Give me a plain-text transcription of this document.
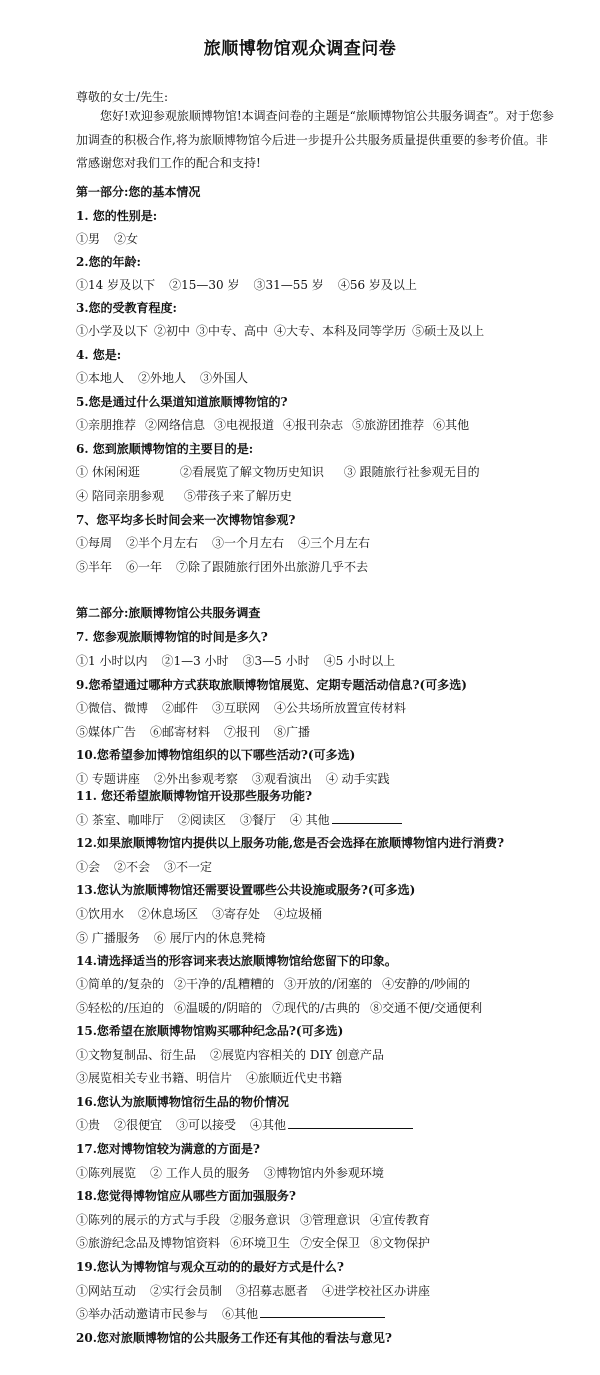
旅顺博物馆观众调查问卷
尊敬的女士/先生:
您好!欢迎参观旅顺博物馆!本调查问卷的主题是“旅顺博物馆公共服务调查”。对于您参加调查的积极合作,将为旅顺博物馆今后进一步提升公共服务质量提供重要的参考价值。非常感谢您对我们工作的配合和支持!
第一部分:您的基本情况
1. 您的性别是:
①男 ②女
2.您的年龄:
①14 岁及以下 ②15—30 岁 ③31—55 岁 ④56 岁及以上
3.您的受教育程度:
①小学及以下 ②初中 ③中专、高中 ④大专、本科及同等学历 ⑤硕士及以上
4. 您是:
①本地人 ②外地人 ③外国人
5.您是通过什么渠道知道旅顺博物馆的?
①亲朋推荐 ②网络信息 ③电视报道 ④报刊杂志 ⑤旅游团推荐 ⑥其他
6. 您到旅顺博物馆的主要目的是:
① 休闲闲逛	②看展览了解文物历史知识 ③ 跟随旅行社参观无目的
④ 陪同亲朋参观 ⑤带孩子来了解历史
7、您平均多长时间会来一次博物馆参观?
①每周 ②半个月左右 ③一个月左右 ④三个月左右
⑤半年 ⑥一年 ⑦除了跟随旅行团外出旅游几乎不去
第二部分:旅顺博物馆公共服务调查
7. 您参观旅顺博物馆的时间是多久?
①1 小时以内 ②1—3 小时 ③3—5 小时 ④5 小时以上
9.您希望通过哪种方式获取旅顺博物馆展览、定期专题活动信息?(可多选)
①微信、微博 ②邮件 ③互联网 ④公共场所放置宣传材料
⑤媒体广告 ⑥邮寄材料 ⑦报刊 ⑧广播
10.您希望参加博物馆组织的以下哪些活动?(可多选)
① 专题讲座 ②外出参观考察 ③观看演出 ④ 动手实践
11. 您还希望旅顺博物馆开设那些服务功能?
① 茶室、咖啡厅 ②阅读区 ③餐厅 ④ 其他
12.如果旅顺博物馆内提供以上服务功能,您是否会选择在旅顺博物馆内进行消费?
①会 ②不会 ③不一定
13.您认为旅顺博物馆还需要设置哪些公共设施或服务?(可多选)
①饮用水 ②休息场区 ③寄存处 ④垃圾桶
⑤ 广播服务 ⑥ 展厅内的休息凳椅
14.请选择适当的形容词来表达旅顺博物馆给您留下的印象。
①简单的/复杂的 ②干净的/乱糟糟的 ③开放的/闭塞的 ④安静的/吵闹的
⑤轻松的/压迫的 ⑥温暖的/阴暗的 ⑦现代的/古典的 ⑧交通不便/交通便利
15.您希望在旅顺博物馆购买哪种纪念品?(可多选)
①文物复制品、衍生品 ②展览内容相关的 DIY 创意产品
③展览相关专业书籍、明信片 ④旅顺近代史书籍
16.您认为旅顺博物馆衍生品的物价情况
①贵 ②很便宜 ③可以接受 ④其他
17.您对博物馆较为满意的方面是?
①陈列展览 ② 工作人员的服务 ③博物馆内外参观环境
18.您觉得博物馆应从哪些方面加强服务?
①陈列的展示的方式与手段 ②服务意识 ③管理意识 ④宣传教育
⑤旅游纪念品及博物馆资料 ⑥环境卫生 ⑦安全保卫 ⑧文物保护
19.您认为博物馆与观众互动的的最好方式是什么?
①网站互动 ②实行会员制 ③招募志愿者 ④进学校社区办讲座
⑤举办活动邀请市民参与 ⑥其他
20.您对旅顺博物馆的公共服务工作还有其他的看法与意见?
